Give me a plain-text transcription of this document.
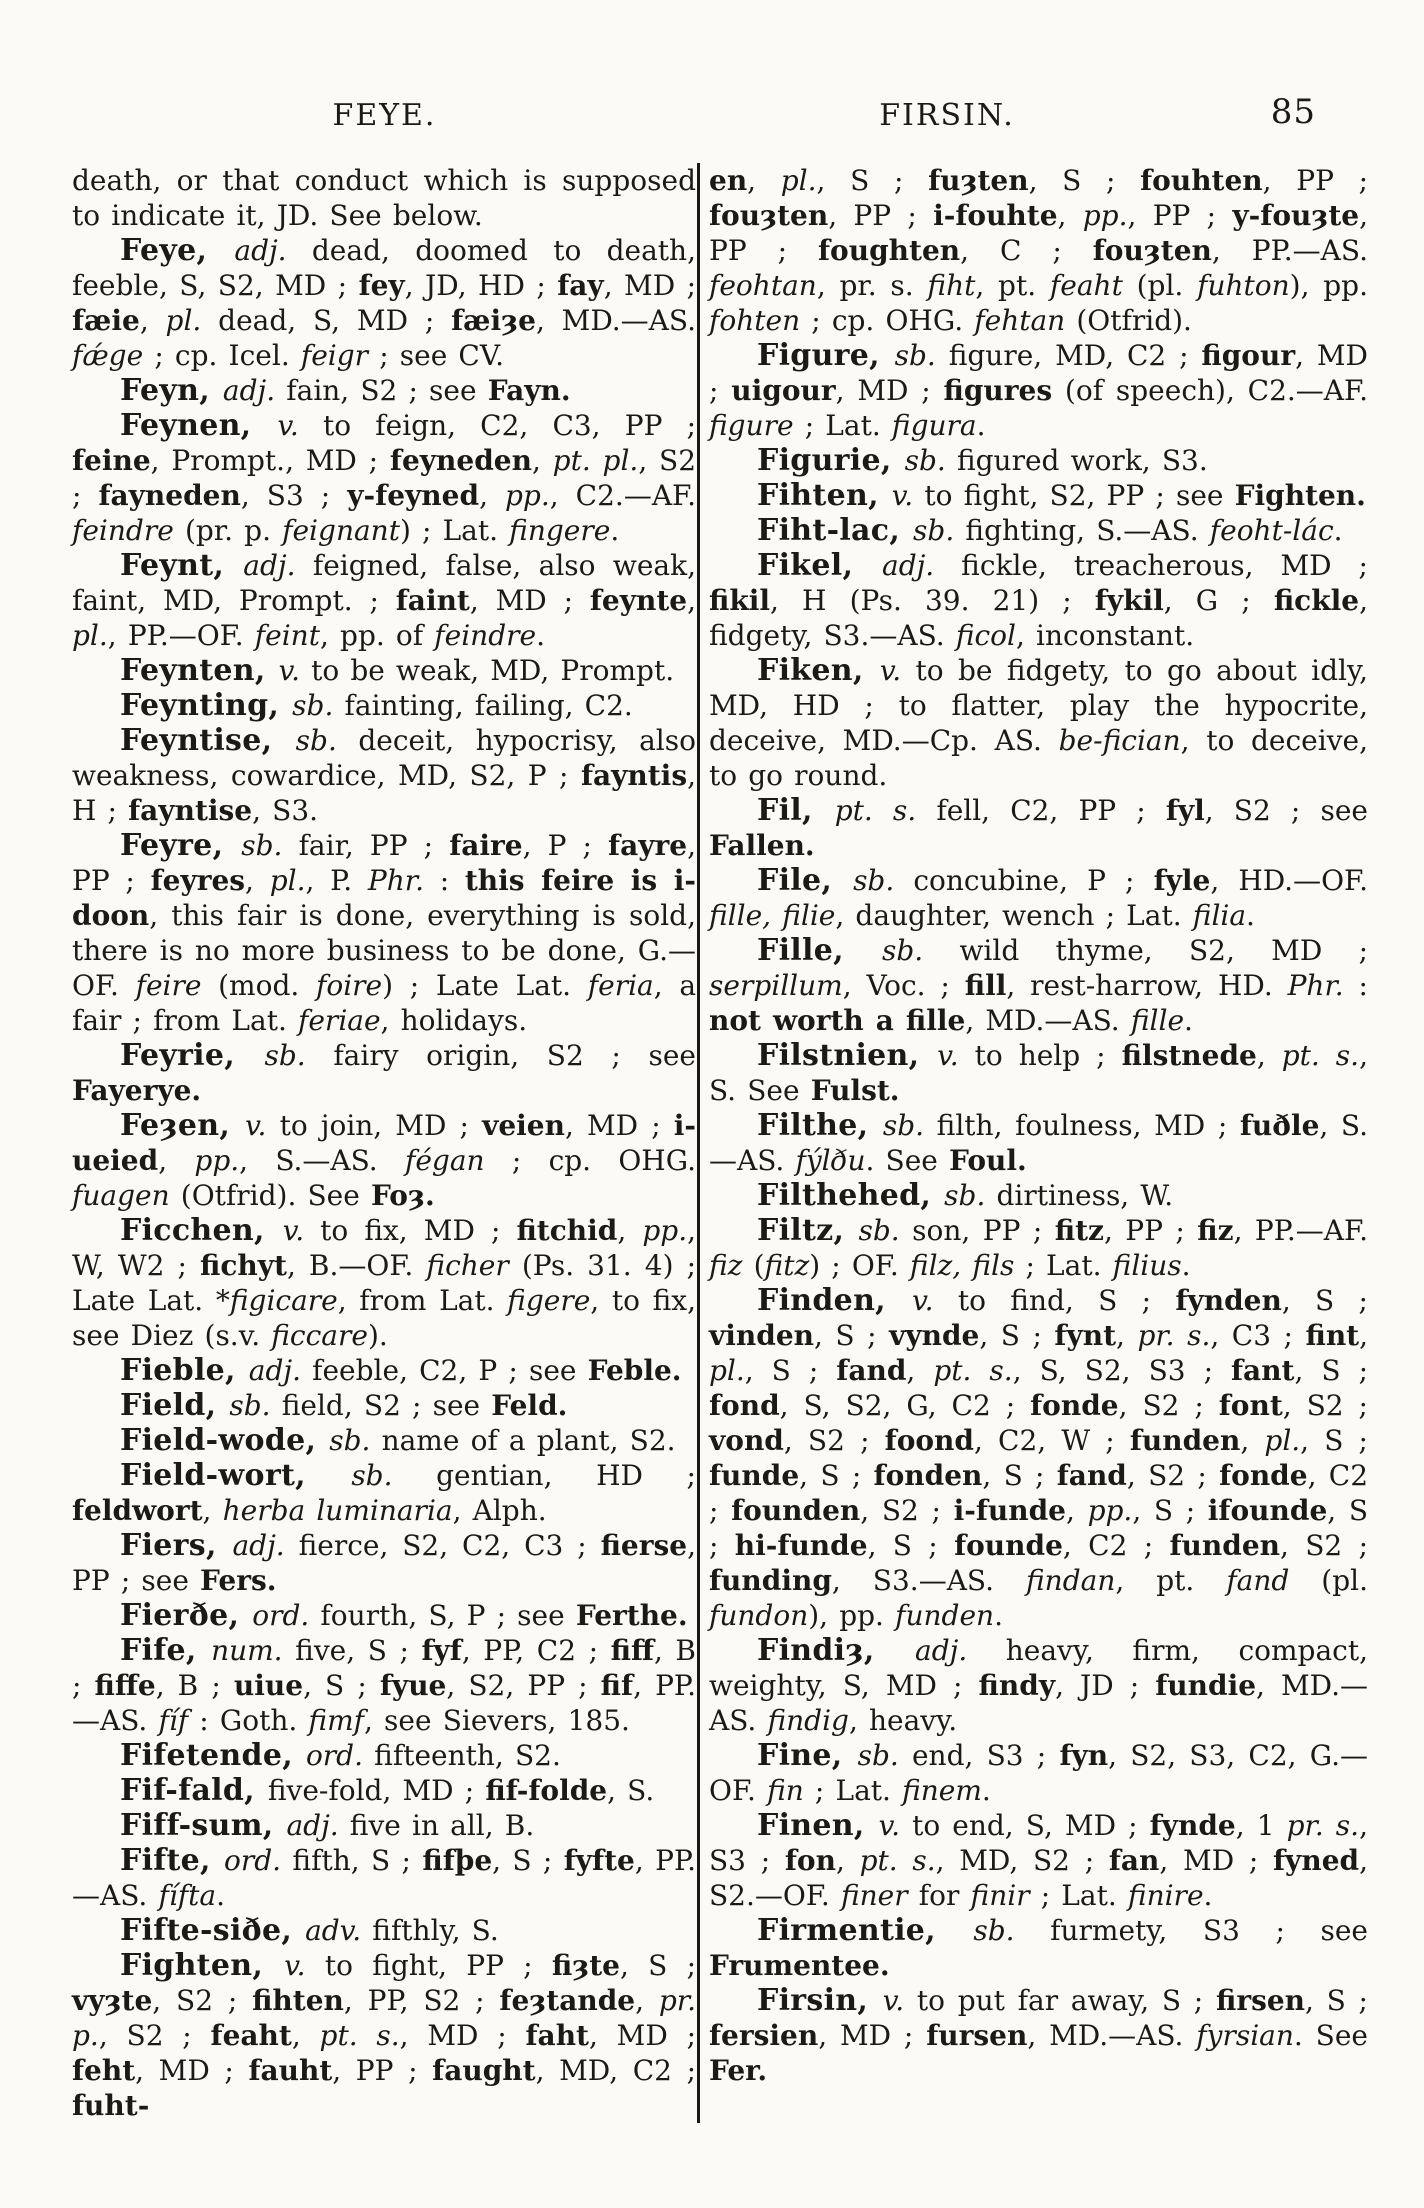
FEYE.	FIRSIN.	85

death, or that conduct which is supposed to indicate it, JD. See below.

Feye, adj. dead, doomed to death, feeble, S, S2, MD ; fey, JD, HD ; fay, MD ; fæie, pl. dead, S, MD ; fæiȝe, MD.—AS. fǽge ; cp. Icel. feigr ; see CV.

Feyn, adj. fain, S2 ; see Fayn.

Feynen, v. to feign, C2, C3, PP ; feine, Prompt., MD ; feyneden, pt. pl., S2 ; fayneden, S3 ; y-feyned, pp., C2.—AF. feindre (pr. p. feignant) ; Lat. fingere.

Feynt, adj. feigned, false, also weak, faint, MD, Prompt. ; faint, MD ; feynte, pl., PP.—OF. feint, pp. of feindre.

Feynten, v. to be weak, MD, Prompt.

Feynting, sb. fainting, failing, C2.

Feyntise, sb. deceit, hypocrisy, also weakness, cowardice, MD, S2, P ; fayntis, H ; fayntise, S3.

Feyre, sb. fair, PP ; faire, P ; fayre, PP ; feyres, pl., P. Phr. : this feire is i-doon, this fair is done, everything is sold, there is no more business to be done, G.—OF. feire (mod. foire) ; Late Lat. feria, a fair ; from Lat. feriae, holidays.

Feyrie, sb. fairy origin, S2 ; see Fayerye.

Feȝen, v. to join, MD ; veien, MD ; i-ueied, pp., S.—AS. fégan ; cp. OHG. fuagen (Otfrid). See Foȝ.

Ficchen, v. to fix, MD ; fitchid, pp., W, W2 ; fichyt, B.—OF. ficher (Ps. 31. 4) ; Late Lat. *figicare, from Lat. figere, to fix, see Diez (s.v. ficcare).

Fieble, adj. feeble, C2, P ; see Feble.

Field, sb. field, S2 ; see Feld.

Field-wode, sb. name of a plant, S2.

Field-wort, sb. gentian, HD ; feldwort, herba luminaria, Alph.

Fiers, adj. fierce, S2, C2, C3 ; fierse, PP ; see Fers.

Fierðe, ord. fourth, S, P ; see Ferthe.

Fife, num. five, S ; fyf, PP, C2 ; fiff, B ; fiffe, B ; uiue, S ; fyue, S2, PP ; fif, PP.—AS. fíf : Goth. fimf, see Sievers, 185.

Fifetende, ord. fifteenth, S2.

Fif-fald, five-fold, MD ; fif-folde, S.

Fiff-sum, adj. five in all, B.

Fifte, ord. fifth, S ; fifþe, S ; fyfte, PP.—AS. fífta.

Fifte-siðe, adv. fifthly, S.

Fighten, v. to fight, PP ; fiȝte, S ; vyȝte, S2 ; fihten, PP, S2 ; feȝtande, pr. p., S2 ; feaht, pt. s., MD ; faht, MD ; feht, MD ; fauht, PP ; faught, MD, C2 ; fuht-

en, pl., S ; fuȝten, S ; fouhten, PP ; fouȝten, PP ; i-fouhte, pp., PP ; y-fouȝte, PP ; foughten, C ; fouȝten, PP.—AS. feohtan, pr. s. fiht, pt. feaht (pl. fuhton), pp. fohten ; cp. OHG. fehtan (Otfrid).

Figure, sb. figure, MD, C2 ; figour, MD ; uigour, MD ; figures (of speech), C2.—AF. figure ; Lat. figura.

Figurie, sb. figured work, S3.

Fihten, v. to fight, S2, PP ; see Fighten.

Fiht-lac, sb. fighting, S.—AS. feoht-lác.

Fikel, adj. fickle, treacherous, MD ; fikil, H (Ps. 39. 21) ; fykil, G ; fickle, fidgety, S3.—AS. ficol, inconstant.

Fiken, v. to be fidgety, to go about idly, MD, HD ; to flatter, play the hypocrite, deceive, MD.—Cp. AS. be-fician, to deceive, to go round.

Fil, pt. s. fell, C2, PP ; fyl, S2 ; see Fallen.

File, sb. concubine, P ; fyle, HD.—OF. fille, filie, daughter, wench ; Lat. filia.

Fille, sb. wild thyme, S2, MD ; serpillum, Voc. ; fill, rest-harrow, HD. Phr. : not worth a fille, MD.—AS. fille.

Filstnien, v. to help ; filstnede, pt. s., S. See Fulst.

Filthe, sb. filth, foulness, MD ; fuðle, S.—AS. fýlðu. See Foul.

Filthehed, sb. dirtiness, W.

Filtz, sb. son, PP ; fitz, PP ; fiz, PP.—AF. fiz (fitz) ; OF. filz, fils ; Lat. filius.

Finden, v. to find, S ; fynden, S ; vinden, S ; vynde, S ; fynt, pr. s., C3 ; fint, pl., S ; fand, pt. s., S, S2, S3 ; fant, S ; fond, S, S2, G, C2 ; fonde, S2 ; font, S2 ; vond, S2 ; foond, C2, W ; funden, pl., S ; funde, S ; fonden, S ; fand, S2 ; fonde, C2 ; founden, S2 ; i-funde, pp., S ; ifounde, S ; hi-funde, S ; founde, C2 ; funden, S2 ; funding, S3.—AS. findan, pt. fand (pl. fundon), pp. funden.

Findiȝ, adj. heavy, firm, compact, weighty, S, MD ; findy, JD ; fundie, MD.—AS. findig, heavy.

Fine, sb. end, S3 ; fyn, S2, S3, C2, G.—OF. fin ; Lat. finem.

Finen, v. to end, S, MD ; fynde, 1 pr. s., S3 ; fon, pt. s., MD, S2 ; fan, MD ; fyned, S2.—OF. finer for finir ; Lat. finire.

Firmentie, sb. furmety, S3 ; see Frumentee.

Firsin, v. to put far away, S ; firsen, S ; fersien, MD ; fursen, MD.—AS. fyrsian. See Fer.
